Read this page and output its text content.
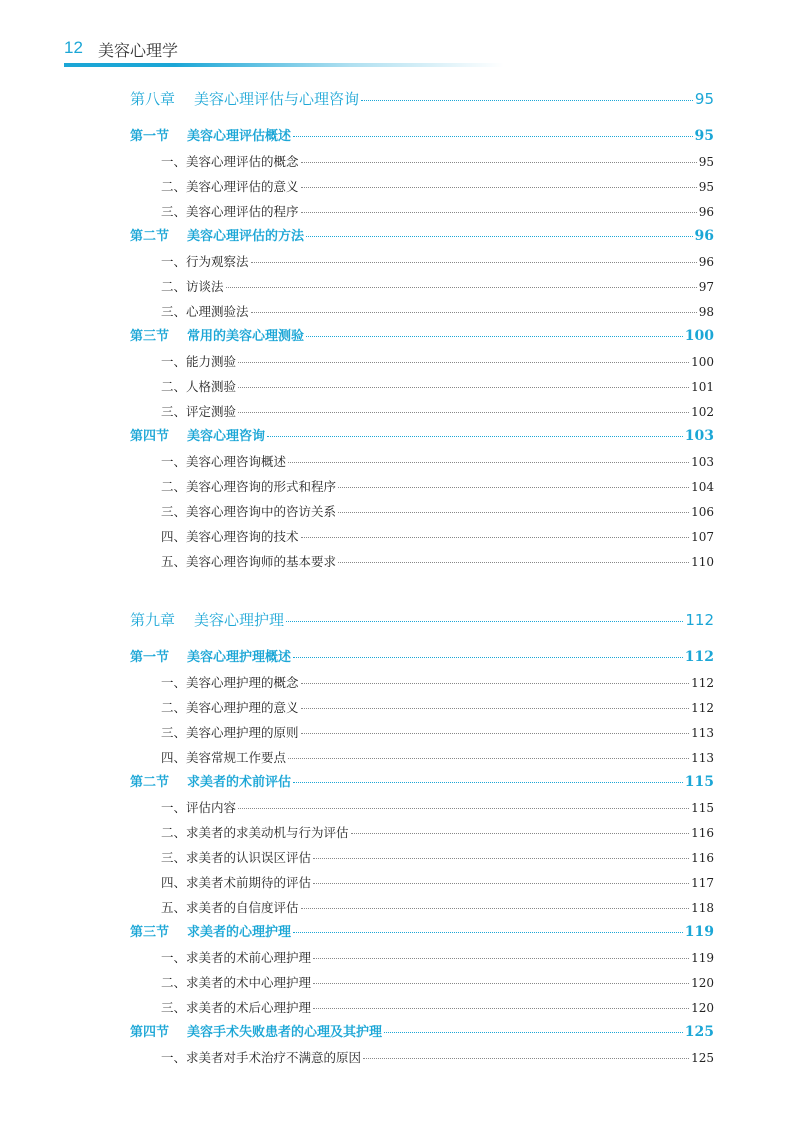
12 美容心理学
第八章 美容心理评估与心理咨询	95
第一节 美容心理评估概述	95
一、美容心理评估的概念	95
二、美容心理评估的意义	95
三、美容心理评估的程序	96
第二节 美容心理评估的方法	96
一、行为观察法	96
二、访谈法	97
三、心理测验法	98
第三节 常用的美容心理测验	100
一、能力测验	100
二、人格测验	101
三、评定测验	102
第四节 美容心理咨询	103
一、美容心理咨询概述	103
二、美容心理咨询的形式和程序	104
三、美容心理咨询中的咨访关系	106
四、美容心理咨询的技术	107
五、美容心理咨询师的基本要求	110
第九章 美容心理护理	112
第一节 美容心理护理概述	112
一、美容心理护理的概念	112
二、美容心理护理的意义	112
三、美容心理护理的原则	113
四、美容常规工作要点	113
第二节 求美者的术前评估	115
一、评估内容	115
二、求美者的求美动机与行为评估	116
三、求美者的认识误区评估	116
四、求美者术前期待的评估	117
五、求美者的自信度评估	118
第三节 求美者的心理护理	119
一、求美者的术前心理护理	119
二、求美者的术中心理护理	120
三、求美者的术后心理护理	120
第四节 美容手术失败患者的心理及其护理	125
一、求美者对手术治疗不满意的原因	125
